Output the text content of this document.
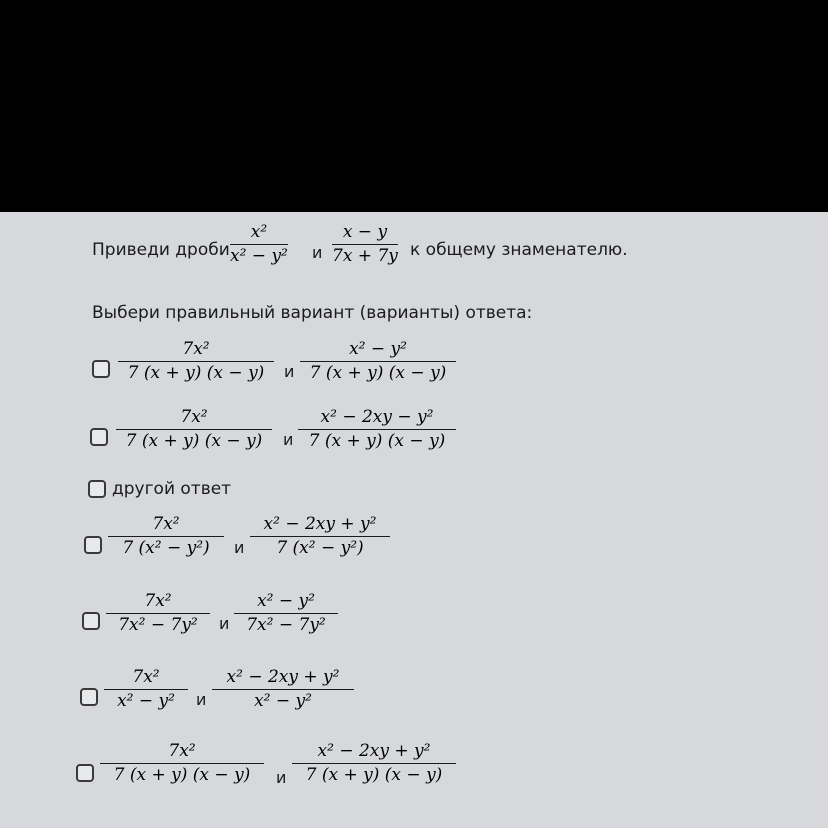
Приведи дроби
x²
x² − y² и
x − y
7x + 7y к общему знаменателю.
Выбери правильный вариант (варианты) ответа:
7x²
7 (x + y) (x − y) и
x² − y²
7 (x + y) (x − y)
7x²
7 (x + y) (x − y) и
x² − 2xy − y²
7 (x + y) (x − y)
другой ответ
7x²
7 (x² − y²) и
x² − 2xy + y²
7 (x² − y²)
7x²
7x² − 7y² и
x² − y²
7x² − 7y²
7x²
x² − y² и
x² − 2xy + y²
x² − y²
7x²
7 (x + y) (x − y) и
x² − 2xy + y²
7 (x + y) (x − y)
